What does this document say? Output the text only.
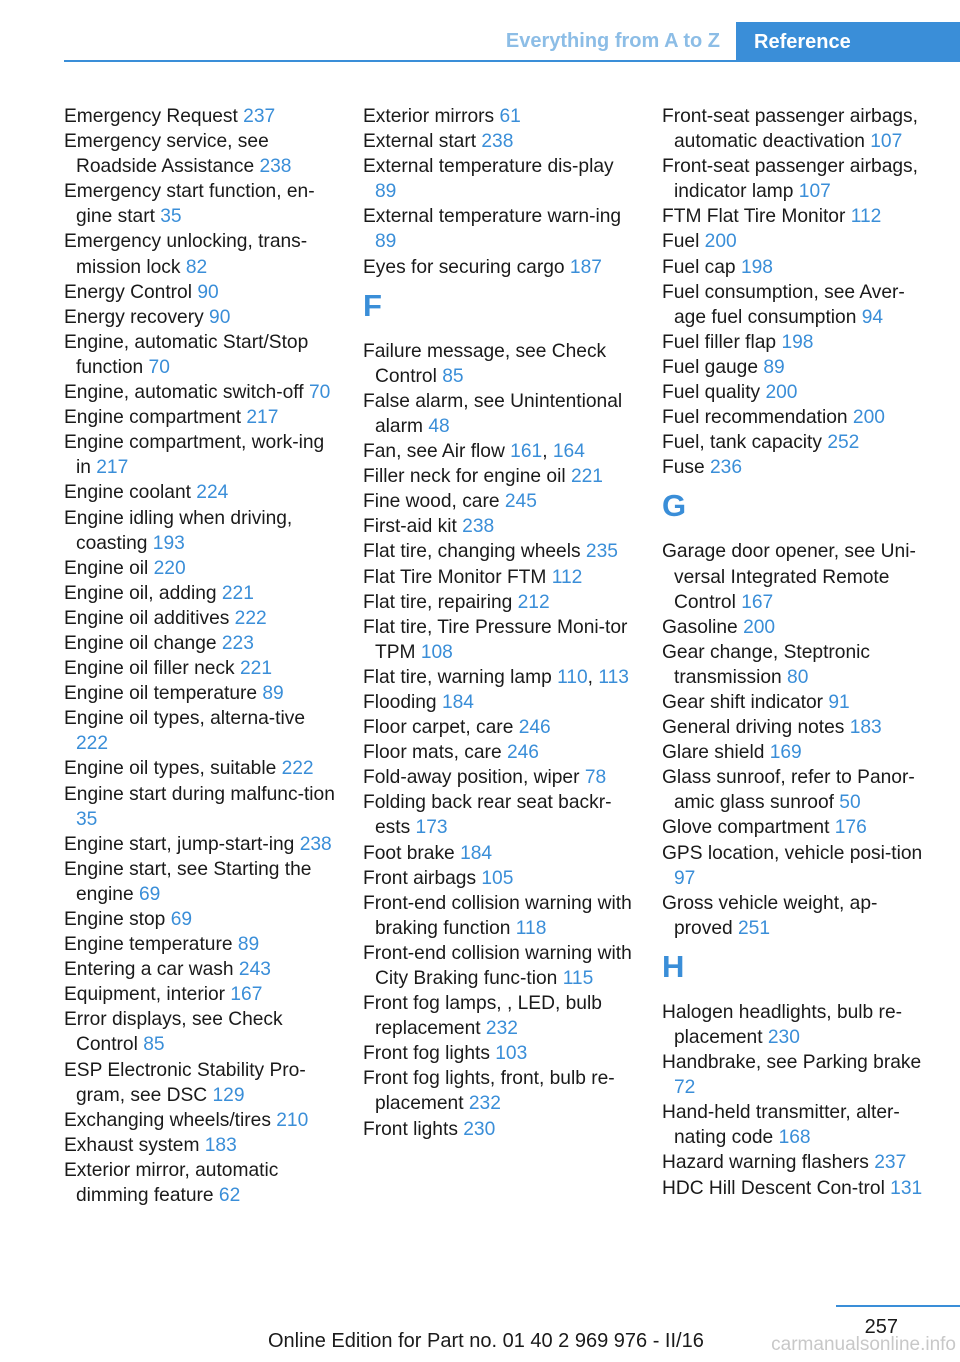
Everything from A to Z	Reference
Emergency Request 237
Emergency service, see Roadside Assistance 238
Emergency start function, en‐gine start 35
Emergency unlocking, trans‐mission lock 82
Energy Control 90
Energy recovery 90
Engine, automatic Start/Stop function 70
Engine, automatic switch‐off 70
Engine compartment 217
Engine compartment, work‐ing in 217
Engine coolant 224
Engine idling when driving, coasting 193
Engine oil 220
Engine oil, adding 221
Engine oil additives 222
Engine oil change 223
Engine oil filler neck 221
Engine oil temperature 89
Engine oil types, alterna‐tive 222
Engine oil types, suitable 222
Engine start during malfunc‐tion 35
Engine start, jump-start‐ing 238
Engine start, see Starting the engine 69
Engine stop 69
Engine temperature 89
Entering a car wash 243
Equipment, interior 167
Error displays, see Check Control 85
ESP Electronic Stability Pro‐gram, see DSC 129
Exchanging wheels/tires 210
Exhaust system 183
Exterior mirror, automatic dimming feature 62
Exterior mirrors 61
External start 238
External temperature dis‐play 89
External temperature warn‐ing 89
Eyes for securing cargo 187
F
Failure message, see Check Control 85
False alarm, see Unintentional alarm 48
Fan, see Air flow 161, 164
Filler neck for engine oil 221
Fine wood, care 245
First-aid kit 238
Flat tire, changing wheels 235
Flat Tire Monitor FTM 112
Flat tire, repairing 212
Flat tire, Tire Pressure Moni‐tor TPM 108
Flat tire, warning lamp 110, 113
Flooding 184
Floor carpet, care 246
Floor mats, care 246
Fold-away position, wiper 78
Folding back rear seat backr‐ests 173
Foot brake 184
Front airbags 105
Front-end collision warning with braking function 118
Front-end collision warning with City Braking func‐tion 115
Front fog lamps, , LED, bulb replacement 232
Front fog lights 103
Front fog lights, front, bulb re‐placement 232
Front lights 230
Front-seat passenger airbags, automatic deactivation 107
Front-seat passenger airbags, indicator lamp 107
FTM Flat Tire Monitor 112
Fuel 200
Fuel cap 198
Fuel consumption, see Aver‐age fuel consumption 94
Fuel filler flap 198
Fuel gauge 89
Fuel quality 200
Fuel recommendation 200
Fuel, tank capacity 252
Fuse 236
G
Garage door opener, see Uni‐versal Integrated Remote Control 167
Gasoline 200
Gear change, Steptronic transmission 80
Gear shift indicator 91
General driving notes 183
Glare shield 169
Glass sunroof, refer to Panor‐amic glass sunroof 50
Glove compartment 176
GPS location, vehicle posi‐tion 97
Gross vehicle weight, ap‐proved 251
H
Halogen headlights, bulb re‐placement 230
Handbrake, see Parking brake 72
Hand-held transmitter, alter‐nating code 168
Hazard warning flashers 237
HDC Hill Descent Con‐trol 131
257
Online Edition for Part no. 01 40 2 969 976 - II/16	carmanualsonline.info
